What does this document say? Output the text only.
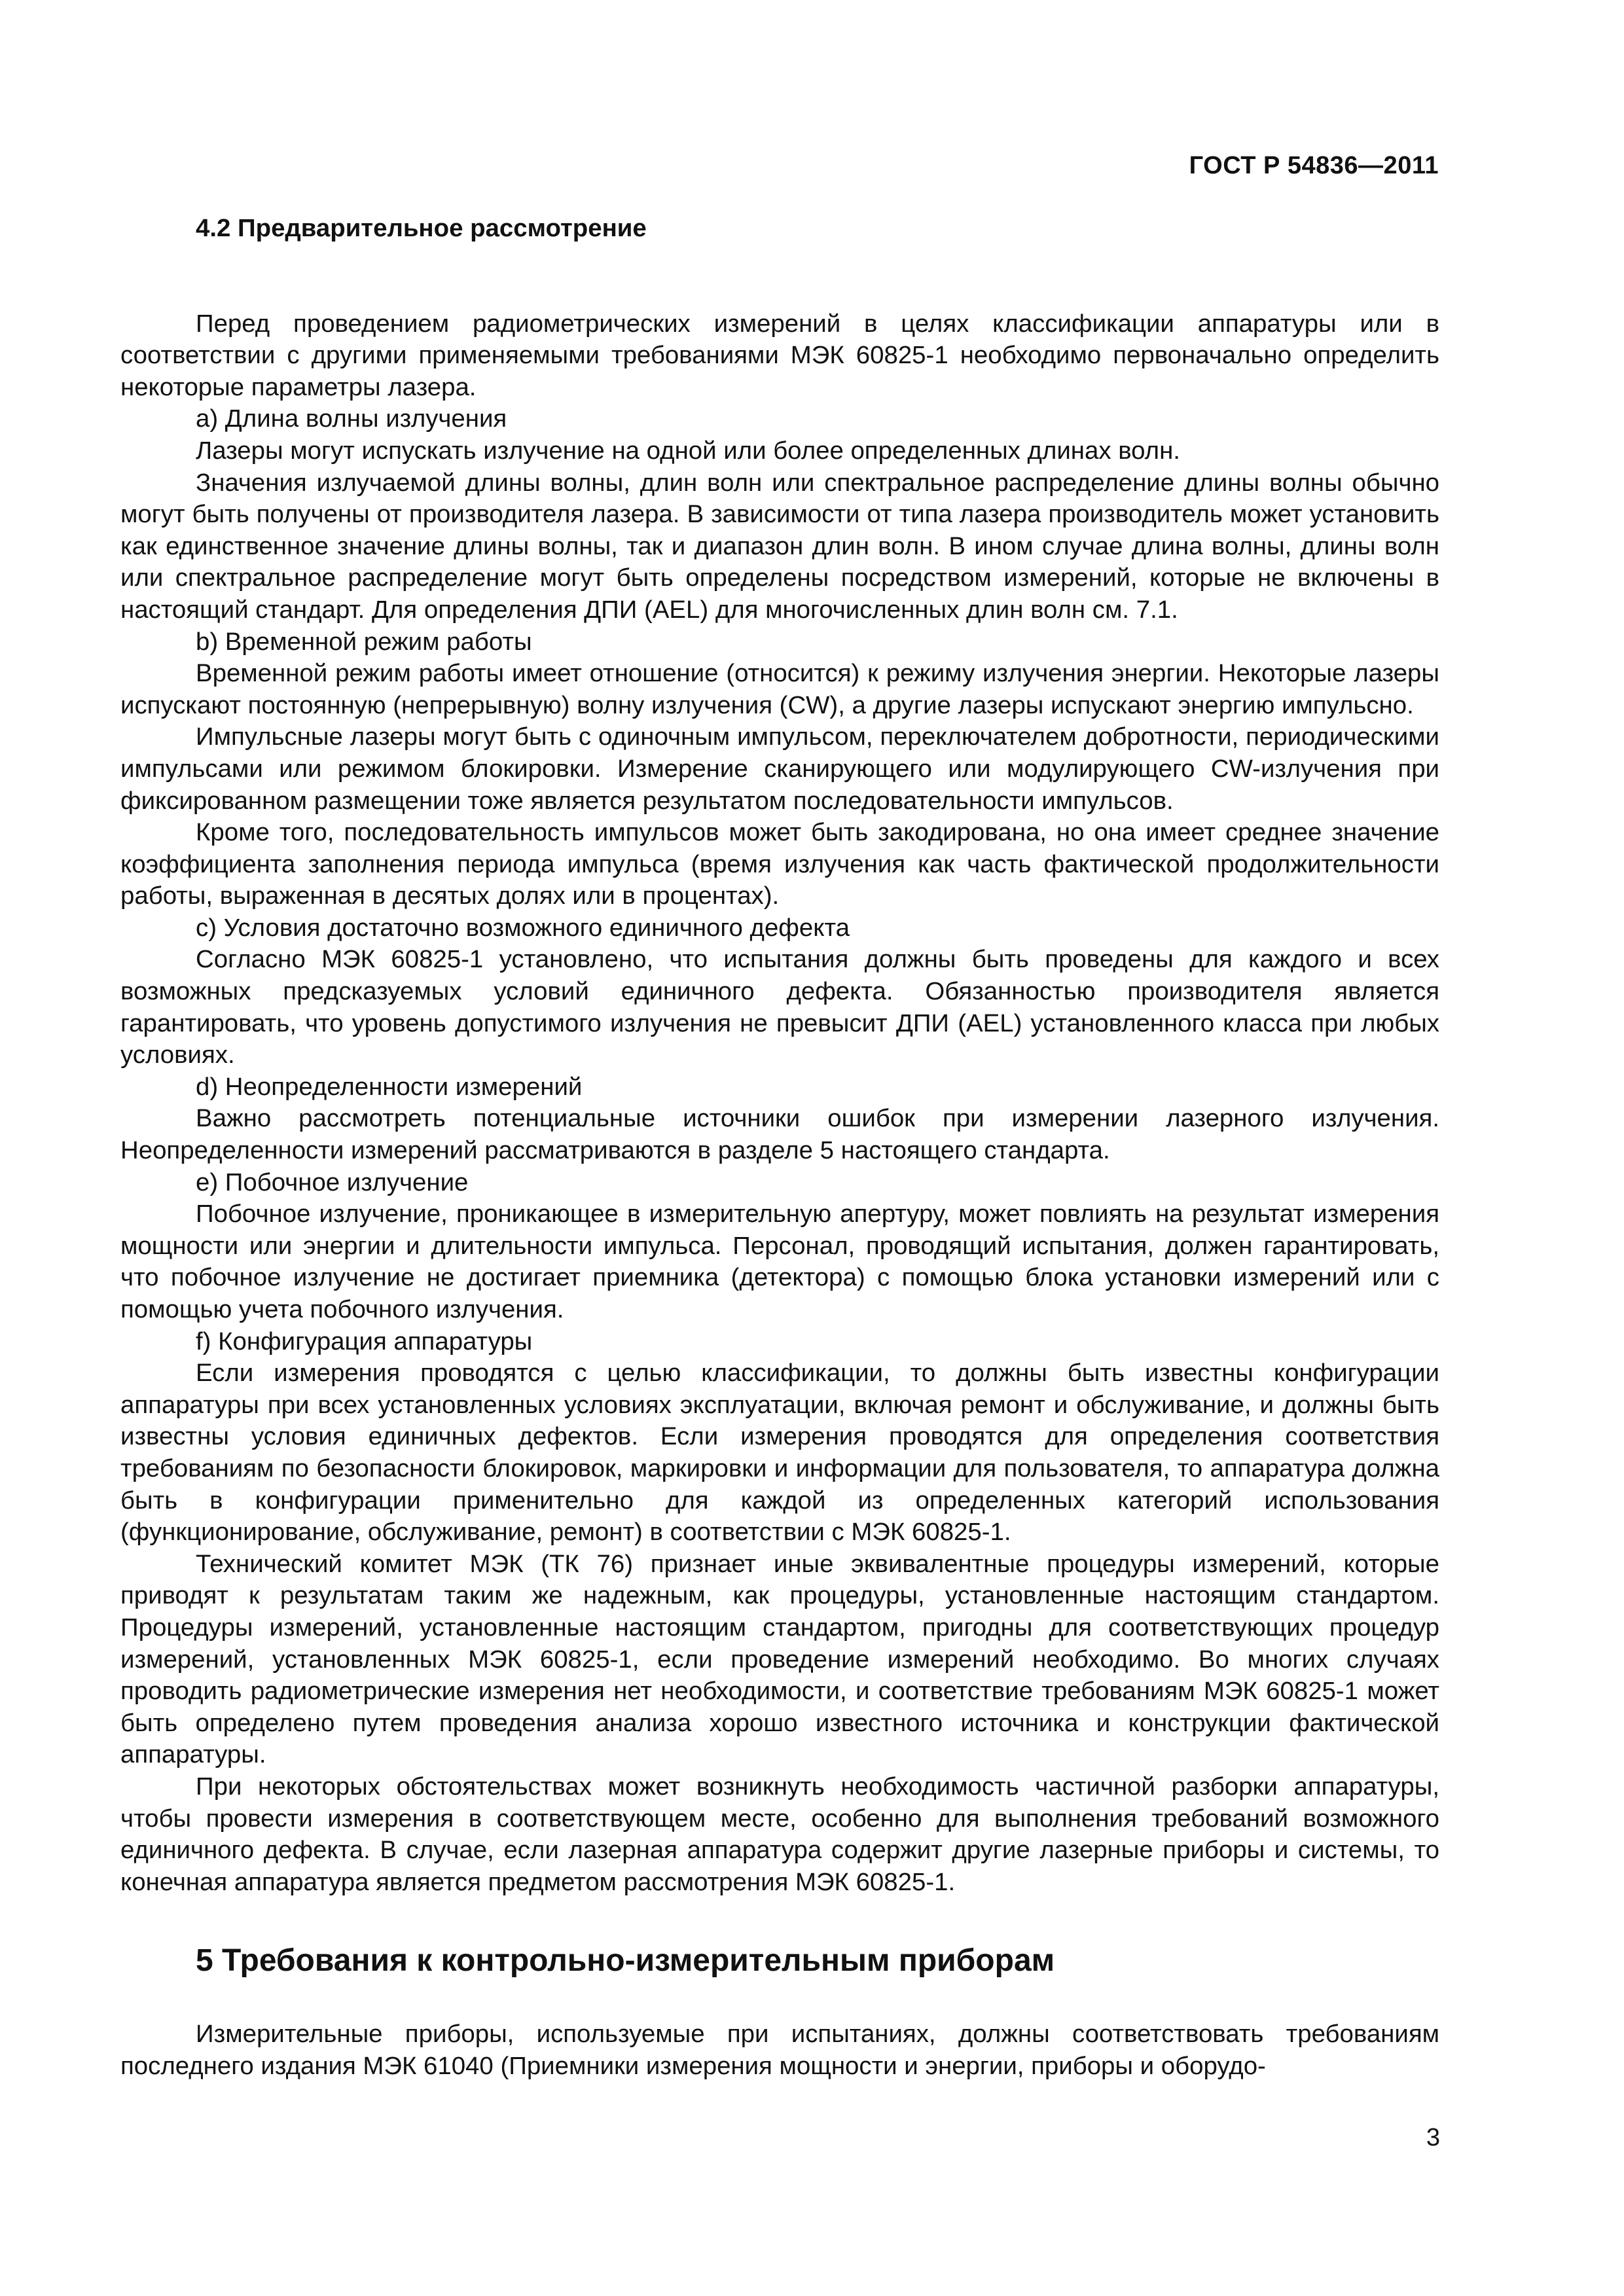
ГОСТ Р 54836—2011
4.2 Предварительное рассмотрение

Перед проведением радиометрических измерений в целях классификации аппаратуры или в соответствии с другими применяемыми требованиями МЭК 60825-1 необходимо первоначально определить некоторые параметры лазера.

а) Длина волны излучения

Лазеры могут испускать излучение на одной или более определенных длинах волн.

Значения излучаемой длины волны, длин волн или спектральное распределение длины волны обычно могут быть получены от производителя лазера. В зависимости от типа лазера производитель может установить как единственное значение длины волны, так и диапазон длин волн. В ином случае длина волны, длины волн или спектральное распределение могут быть определены посредством измерений, которые не включены в настоящий стандарт. Для определения ДПИ (AEL) для многочисленных длин волн см. 7.1.

b) Временной режим работы

Временной режим работы имеет отношение (относится) к режиму излучения энергии. Некоторые лазеры испускают постоянную (непрерывную) волну излучения (CW), а другие лазеры испускают энергию импульсно.

Импульсные лазеры могут быть с одиночным импульсом, переключателем добротности, периодическими импульсами или режимом блокировки. Измерение сканирующего или модулирующего CW-излучения при фиксированном размещении тоже является результатом последовательности импульсов.

Кроме того, последовательность импульсов может быть закодирована, но она имеет среднее значение коэффициента заполнения периода импульса (время излучения как часть фактической продолжительности работы, выраженная в десятых долях или в процентах).

c) Условия достаточно возможного единичного дефекта

Согласно МЭК 60825-1 установлено, что испытания должны быть проведены для каждого и всех возможных предсказуемых условий единичного дефекта. Обязанностью производителя является гарантировать, что уровень допустимого излучения не превысит ДПИ (AEL) установленного класса при любых условиях.

d) Неопределенности измерений

Важно рассмотреть потенциальные источники ошибок при измерении лазерного излучения. Неопределенности измерений рассматриваются в разделе 5 настоящего стандарта.

e) Побочное излучение

Побочное излучение, проникающее в измерительную апертуру, может повлиять на результат измерения мощности или энергии и длительности импульса. Персонал, проводящий испытания, должен гарантировать, что побочное излучение не достигает приемника (детектора) с помощью блока установки измерений или с помощью учета побочного излучения.

f) Конфигурация аппаратуры

Если измерения проводятся с целью классификации, то должны быть известны конфигурации аппаратуры при всех установленных условиях эксплуатации, включая ремонт и обслуживание, и должны быть известны условия единичных дефектов. Если измерения проводятся для определения соответствия требованиям по безопасности блокировок, маркировки и информации для пользователя, то аппаратура должна быть в конфигурации применительно для каждой из определенных категорий использования (функционирование, обслуживание, ремонт) в соответствии с МЭК 60825-1.

Технический комитет МЭК (ТК 76) признает иные эквивалентные процедуры измерений, которые приводят к результатам таким же надежным, как процедуры, установленные настоящим стандартом. Процедуры измерений, установленные настоящим стандартом, пригодны для соответствующих процедур измерений, установленных МЭК 60825-1, если проведение измерений необходимо. Во многих случаях проводить радиометрические измерения нет необходимости, и соответствие требованиям МЭК 60825-1 может быть определено путем проведения анализа хорошо известного источника и конструкции фактической аппаратуры.

При некоторых обстоятельствах может возникнуть необходимость частичной разборки аппаратуры, чтобы провести измерения в соответствующем месте, особенно для выполнения требований возможного единичного дефекта. В случае, если лазерная аппаратура содержит другие лазерные приборы и системы, то конечная аппаратура является предметом рассмотрения МЭК 60825-1.

5 Требования к контрольно-измерительным приборам

Измерительные приборы, используемые при испытаниях, должны соответствовать требованиям последнего издания МЭК 61040 (Приемники измерения мощности и энергии, приборы и оборудо-

3
